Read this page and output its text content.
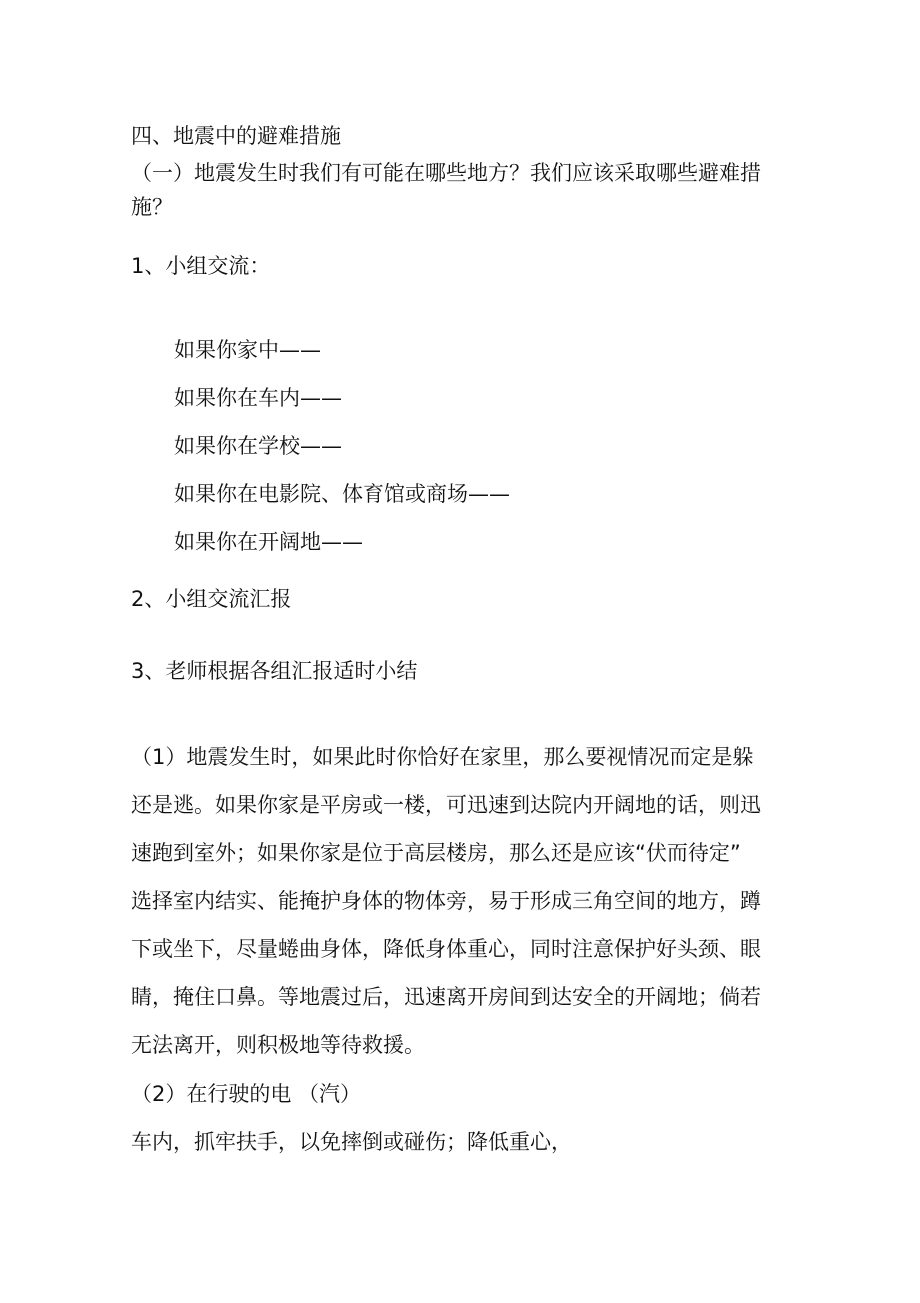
四、地震中的避难措施
（一）地震发生时我们有可能在哪些地方？我们应该采取哪些避难措施？
1、小组交流：
如果你家中——
如果你在车内——
如果你在学校——
如果你在电影院、体育馆或商场——
如果你在开阔地——
2、小组交流汇报
3、老师根据各组汇报适时小结
（1）地震发生时，如果此时你恰好在家里，那么要视情况而定是躲
还是逃。如果你家是平房或一楼，可迅速到达院内开阔地的话，则迅
速跑到室外；如果你家是位于高层楼房，那么还是应该“伏而待定”
选择室内结实、能掩护身体的物体旁，易于形成三角空间的地方，蹲
下或坐下，尽量蜷曲身体，降低身体重心，同时注意保护好头颈、眼
睛，掩住口鼻。等地震过后，迅速离开房间到达安全的开阔地；倘若
无法离开，则积极地等待救援。
（2）在行驶的电 （汽）
车内，抓牢扶手，以免摔倒或碰伤；降低重心，
